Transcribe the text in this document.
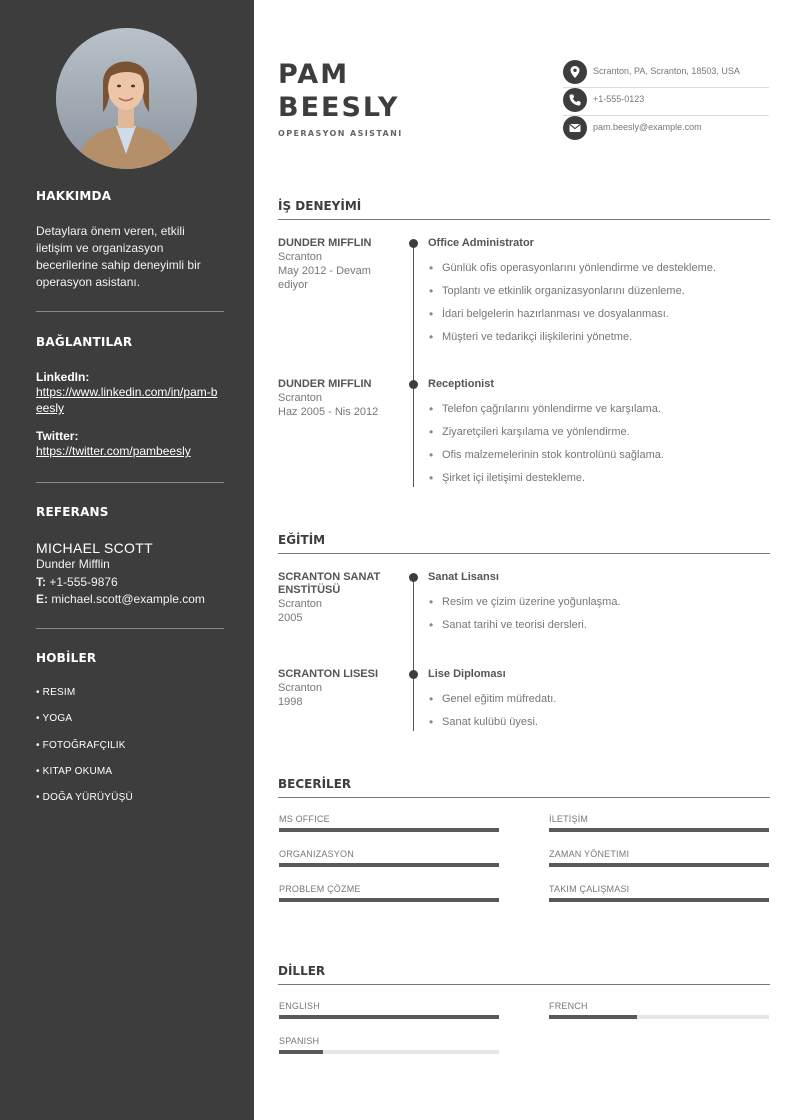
HAKKIMDA
Detaylara önem veren, etkili iletişim ve organizasyon becerilerine sahip deneyimli bir operasyon asistanı.
BAĞLANTILAR
LinkedIn:
https://www.linkedin.com/in/pam-beesly
Twitter:
https://twitter.com/pambeesly
REFERANS
MICHAEL SCOTT
Dunder Mifflin
T: +1-555-9876
E: michael.scott@example.com
HOBİLER
• RESIM
• YOGA
• FOTOĞRAFÇILIK
• KITAP OKUMA
• DOĞA YÜRÜYÜŞÜ
PAM
BEESLY
OPERASYON ASISTANI
Scranton, PA, Scranton, 18503, USA
+1-555-0123
pam.beesly@example.com
İŞ DENEYİMİ
DUNDER MIFFLIN
Scranton
May 2012 - Devam ediyor
Office Administrator
• Günlük ofis operasyonlarını yönlendirme ve destekleme.
• Toplantı ve etkinlik organizasyonlarını düzenleme.
• İdari belgelerin hazırlanması ve dosyalanması.
• Müşteri ve tedarikçi ilişkilerini yönetme.
DUNDER MIFFLIN
Scranton
Haz 2005 - Nis 2012
Receptionist
• Telefon çağrılarını yönlendirme ve karşılama.
• Ziyaretçileri karşılama ve yönlendirme.
• Ofis malzemelerinin stok kontrolünü sağlama.
• Şirket içi iletişimi destekleme.
EĞİTİM
SCRANTON SANAT ENSTİTÜSÜ
Scranton
2005
Sanat Lisansı
• Resim ve çizim üzerine yoğunlaşma.
• Sanat tarihi ve teorisi dersleri.
SCRANTON LISESI
Scranton
1998
Lise Diploması
• Genel eğitim müfredatı.
• Sanat kulübü üyesi.
BECERİLER
MS OFFICE	İLETİŞİM
ORGANIZASYON	ZAMAN YÖNETIMI
PROBLEM ÇÖZME	TAKIM ÇALIŞMASI
DİLLER
ENGLISH	FRENCH
SPANISH
